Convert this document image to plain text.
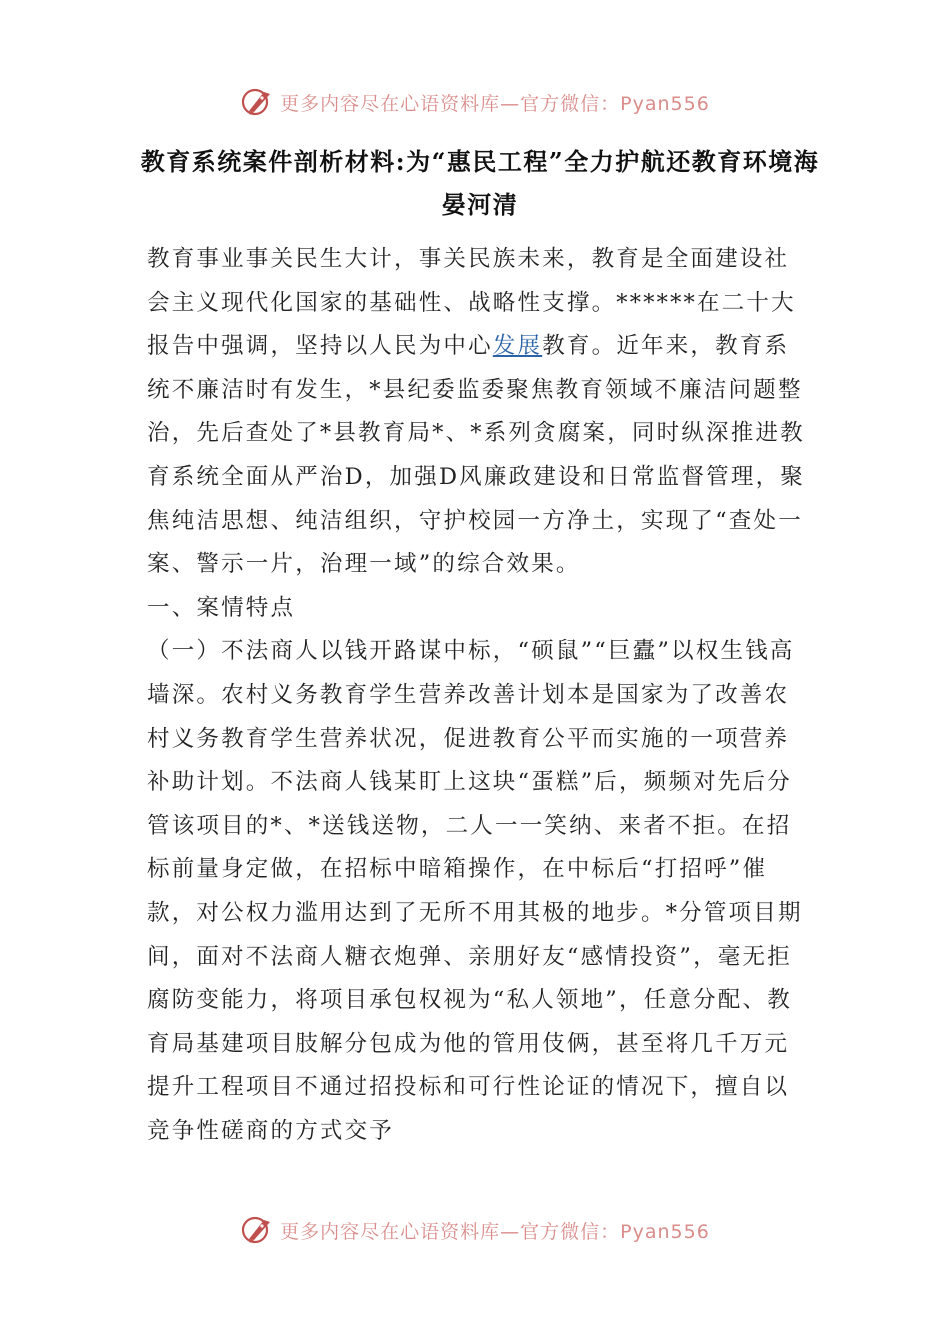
更多内容尽在心语资料库—官方微信：Pyan556
教育系统案件剖析材料:为“惠民工程”全力护航还教育环境海晏河清

教育事业事关民生大计，事关民族未来，教育是全面建设社会主义现代化国家的基础性、战略性支撑。******在二十大报告中强调，坚持以人民为中心发展教育。近年来，教育系统不廉洁时有发生，*县纪委监委聚焦教育领域不廉洁问题整治，先后查处了*县教育局*、*系列贪腐案，同时纵深推进教育系统全面从严治D，加强D风廉政建设和日常监督管理，聚焦纯洁思想、纯洁组织，守护校园一方净土，实现了“查处一案、警示一片，治理一域”的综合效果。

一、案情特点

（一）不法商人以钱开路谋中标，“硕鼠”“巨蠹”以权生钱高墙深。农村义务教育学生营养改善计划本是国家为了改善农村义务教育学生营养状况，促进教育公平而实施的一项营养补助计划。不法商人钱某盯上这块“蛋糕”后，频频对先后分管该项目的*、*送钱送物，二人一一笑纳、来者不拒。在招标前量身定做，在招标中暗箱操作，在中标后“打招呼”催款，对公权力滥用达到了无所不用其极的地步。*分管项目期间，面对不法商人糖衣炮弹、亲朋好友“感情投资”，毫无拒腐防变能力，将项目承包权视为“私人领地”，任意分配、教育局基建项目肢解分包成为他的管用伎俩，甚至将几千万元提升工程项目不通过招投标和可行性论证的情况下，擅自以竞争性磋商的方式交予

更多内容尽在心语资料库—官方微信：Pyan556
